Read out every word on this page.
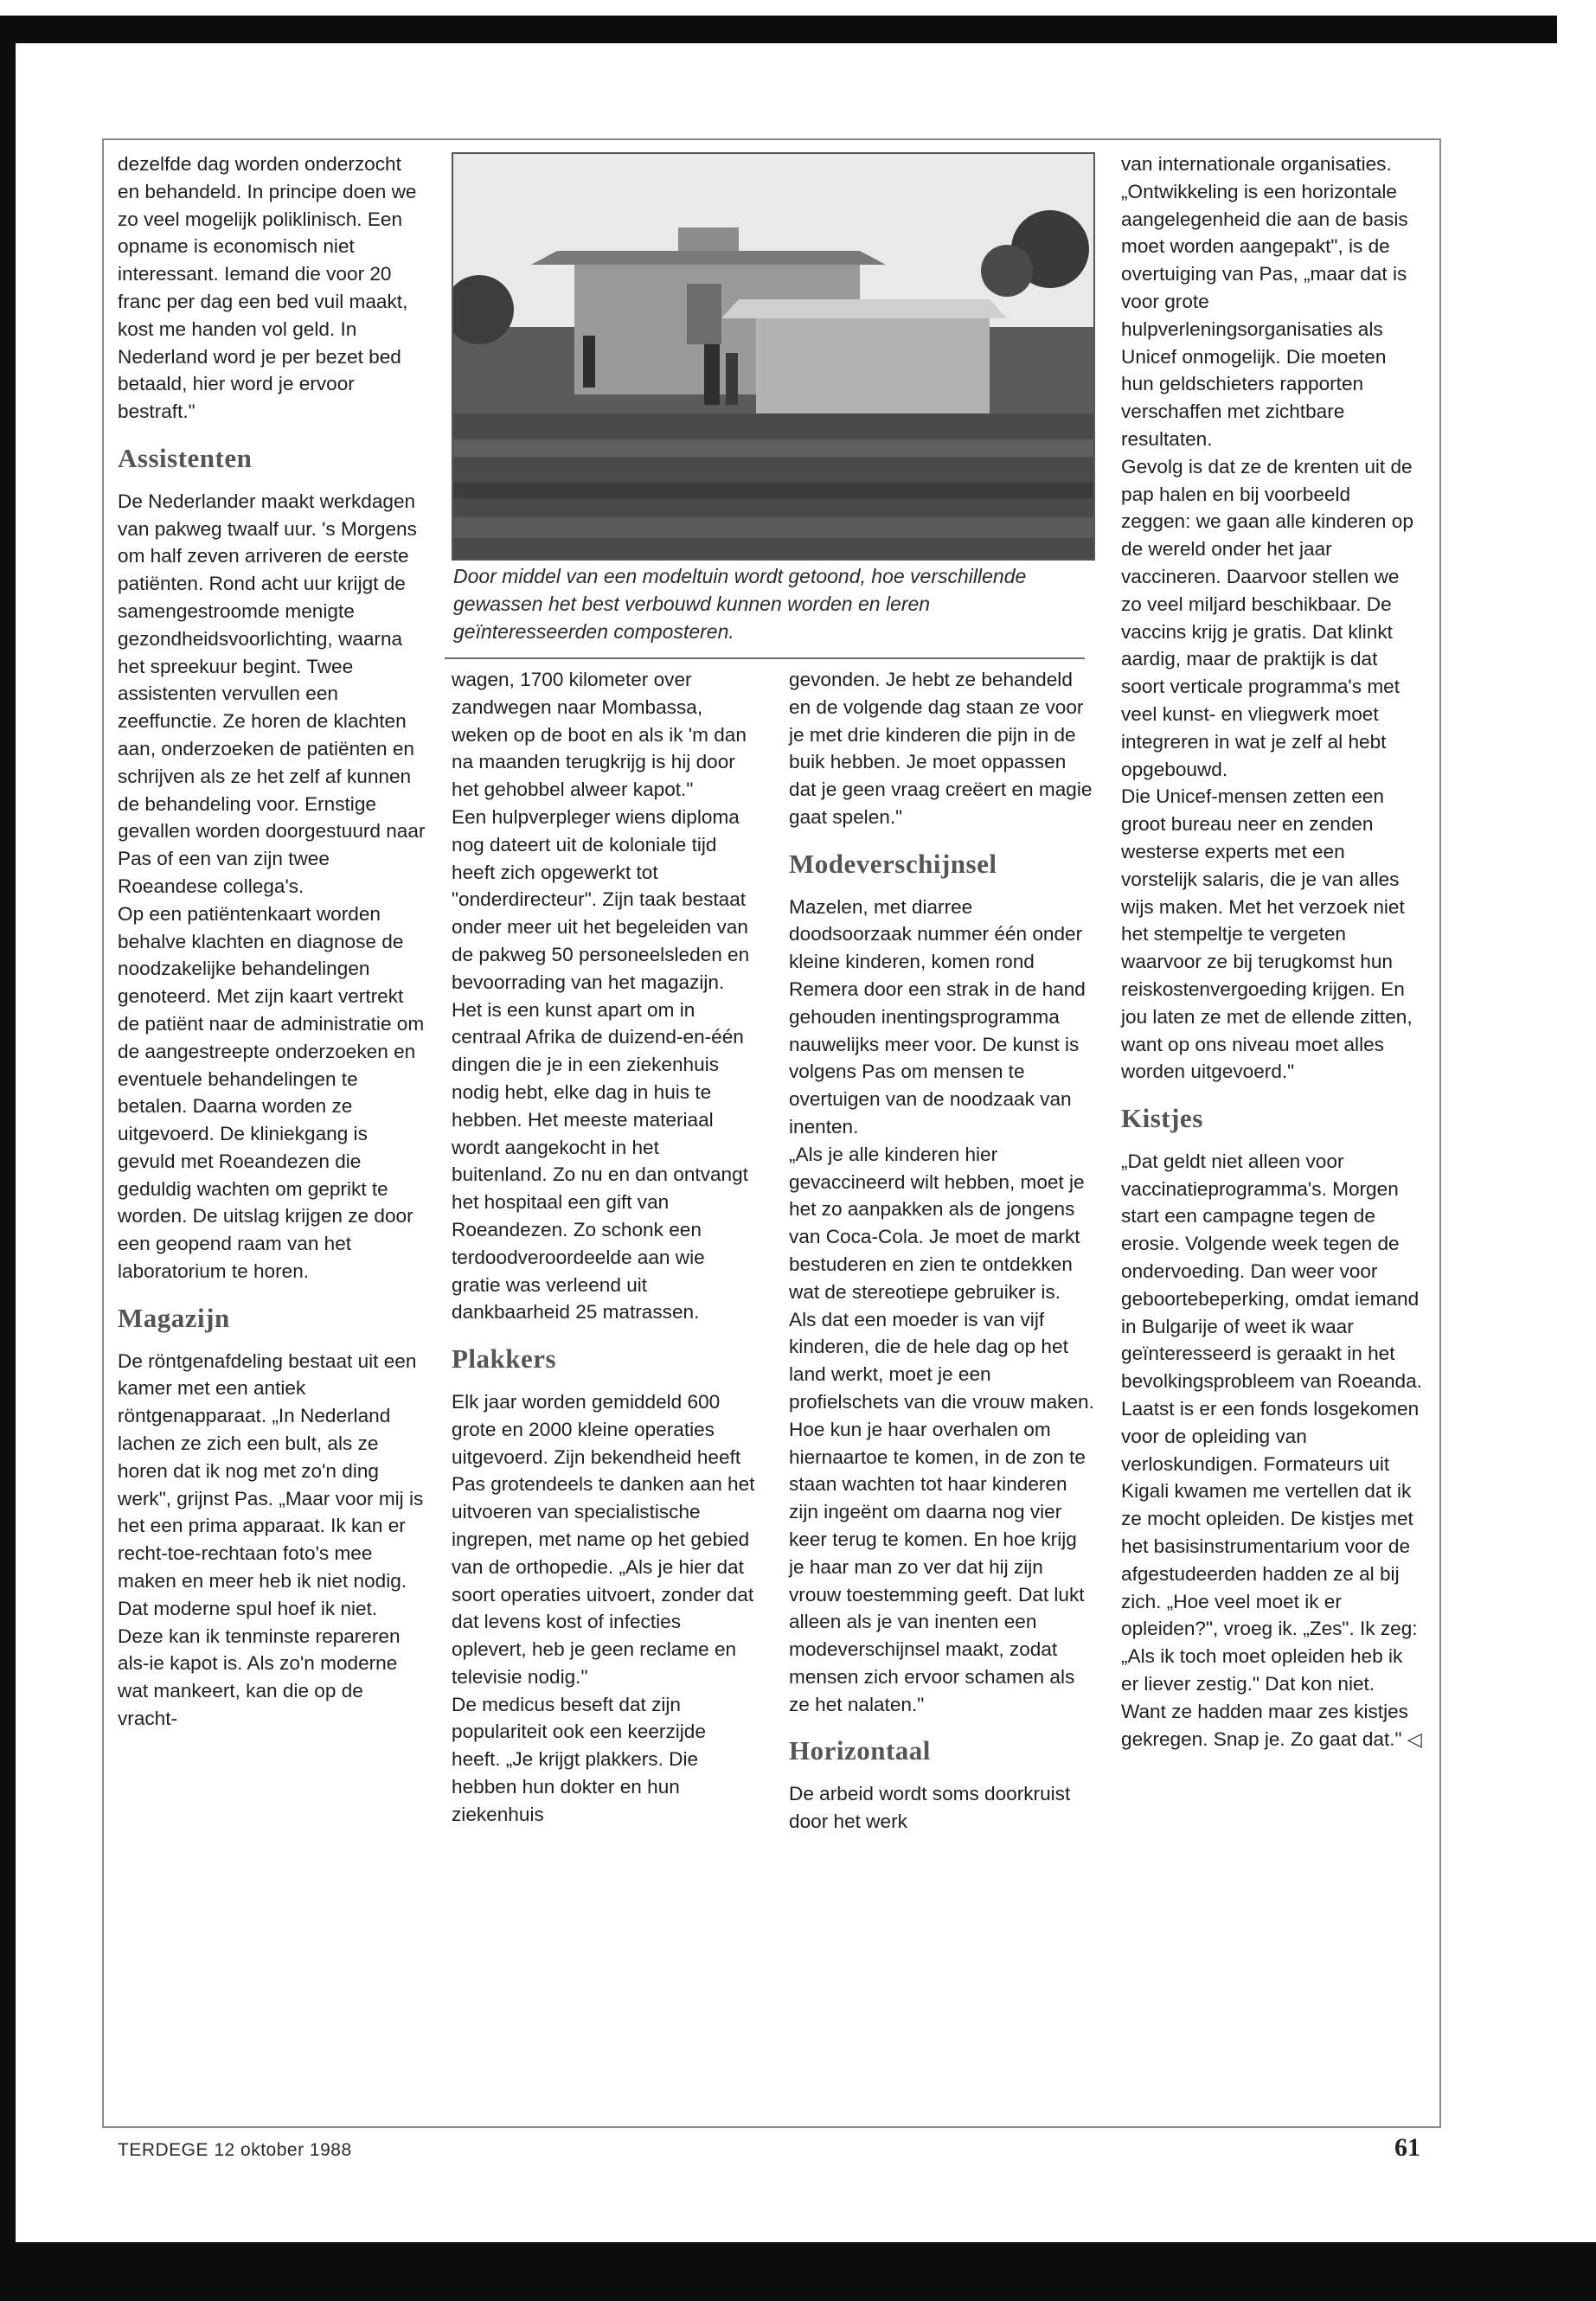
dezelfde dag worden onderzocht en behandeld. In principe doen we zo veel mogelijk poliklinisch. Een opname is economisch niet interessant. Iemand die voor 20 franc per dag een bed vuil maakt, kost me handen vol geld. In Nederland word je per bezet bed betaald, hier word je ervoor bestraft."

Assistenten

De Nederlander maakt werkdagen van pakweg twaalf uur. 's Morgens om half zeven arriveren de eerste patiënten. Rond acht uur krijgt de samengestroomde menigte gezondheidsvoorlichting, waarna het spreekuur begint. Twee assistenten vervullen een zeeffunctie. Ze horen de klachten aan, onderzoeken de patiënten en schrijven als ze het zelf af kunnen de behandeling voor. Ernstige gevallen worden doorgestuurd naar Pas of een van zijn twee Roeandese collega's.

Op een patiëntenkaart worden behalve klachten en diagnose de noodzakelijke behandelingen genoteerd. Met zijn kaart vertrekt de patiënt naar de administratie om de aangestreepte onderzoeken en eventuele behandelingen te betalen. Daarna worden ze uitgevoerd. De kliniekgang is gevuld met Roeandezen die geduldig wachten om geprikt te worden. De uitslag krijgen ze door een geopend raam van het laboratorium te horen.

Magazijn

De röntgenafdeling bestaat uit een kamer met een antiek röntgenapparaat. „In Nederland lachen ze zich een bult, als ze horen dat ik nog met zo'n ding werk", grijnst Pas. „Maar voor mij is het een prima apparaat. Ik kan er recht-toe-rechtaan foto's mee maken en meer heb ik niet nodig. Dat moderne spul hoef ik niet. Deze kan ik tenminste repareren als-ie kapot is. Als zo'n moderne wat mankeert, kan die op de vracht-

Door middel van een modeltuin wordt getoond, hoe verschillende gewassen het best verbouwd kunnen worden en leren geïnteresseerden composteren.

wagen, 1700 kilometer over zandwegen naar Mombassa, weken op de boot en als ik 'm dan na maanden terugkrijg is hij door het gehobbel alweer kapot."

Een hulpverpleger wiens diploma nog dateert uit de koloniale tijd heeft zich opgewerkt tot "onderdirecteur". Zijn taak bestaat onder meer uit het begeleiden van de pakweg 50 personeelsleden en bevoorrading van het magazijn. Het is een kunst apart om in centraal Afrika de duizend-en-één dingen die je in een ziekenhuis nodig hebt, elke dag in huis te hebben. Het meeste materiaal wordt aangekocht in het buitenland. Zo nu en dan ontvangt het hospitaal een gift van Roeandezen. Zo schonk een terdoodveroordeelde aan wie gratie was verleend uit dankbaarheid 25 matrassen.

Plakkers

Elk jaar worden gemiddeld 600 grote en 2000 kleine operaties uitgevoerd. Zijn bekendheid heeft Pas grotendeels te danken aan het uitvoeren van specialistische ingrepen, met name op het gebied van de orthopedie. „Als je hier dat soort operaties uitvoert, zonder dat dat levens kost of infecties oplevert, heb je geen reclame en televisie nodig."

De medicus beseft dat zijn populariteit ook een keerzijde heeft. „Je krijgt plakkers. Die hebben hun dokter en hun ziekenhuis

gevonden. Je hebt ze behandeld en de volgende dag staan ze voor je met drie kinderen die pijn in de buik hebben. Je moet oppassen dat je geen vraag creëert en magie gaat spelen."

Modeverschijnsel

Mazelen, met diarree doodsoorzaak nummer één onder kleine kinderen, komen rond Remera door een strak in de hand gehouden inentingsprogramma nauwelijks meer voor. De kunst is volgens Pas om mensen te overtuigen van de noodzaak van inenten.

„Als je alle kinderen hier gevaccineerd wilt hebben, moet je het zo aanpakken als de jongens van Coca-Cola. Je moet de markt bestuderen en zien te ontdekken wat de stereotiepe gebruiker is.

Als dat een moeder is van vijf kinderen, die de hele dag op het land werkt, moet je een profielschets van die vrouw maken. Hoe kun je haar overhalen om hiernaartoe te komen, in de zon te staan wachten tot haar kinderen zijn ingeënt om daarna nog vier keer terug te komen. En hoe krijg je haar man zo ver dat hij zijn vrouw toestemming geeft. Dat lukt alleen als je van inenten een modeverschijnsel maakt, zodat mensen zich ervoor schamen als ze het nalaten."

Horizontaal

De arbeid wordt soms doorkruist door het werk

van internationale organisaties. „Ontwikkeling is een horizontale aangelegenheid die aan de basis moet worden aangepakt", is de overtuiging van Pas, „maar dat is voor grote hulpverleningsorganisaties als Unicef onmogelijk. Die moeten hun geldschieters rapporten verschaffen met zichtbare resultaten.

Gevolg is dat ze de krenten uit de pap halen en bij voorbeeld zeggen: we gaan alle kinderen op de wereld onder het jaar vaccineren. Daarvoor stellen we zo veel miljard beschikbaar. De vaccins krijg je gratis. Dat klinkt aardig, maar de praktijk is dat soort verticale programma's met veel kunst- en vliegwerk moet integreren in wat je zelf al hebt opgebouwd.

Die Unicef-mensen zetten een groot bureau neer en zenden westerse experts met een vorstelijk salaris, die je van alles wijs maken. Met het verzoek niet het stempeltje te vergeten waarvoor ze bij terugkomst hun reiskostenvergoeding krijgen. En jou laten ze met de ellende zitten, want op ons niveau moet alles worden uitgevoerd."

Kistjes

„Dat geldt niet alleen voor vaccinatieprogramma's. Morgen start een campagne tegen de erosie. Volgende week tegen de ondervoeding. Dan weer voor geboortebeperking, omdat iemand in Bulgarije of weet ik waar geïnteresseerd is geraakt in het bevolkingsprobleem van Roeanda.

Laatst is er een fonds losgekomen voor de opleiding van verloskundigen. Formateurs uit Kigali kwamen me vertellen dat ik ze mocht opleiden. De kistjes met het basisinstrumentarium voor de afgestudeerden hadden ze al bij zich. „Hoe veel moet ik er opleiden?", vroeg ik. „Zes". Ik zeg: „Als ik toch moet opleiden heb ik er liever zestig." Dat kon niet. Want ze hadden maar zes kistjes gekregen. Snap je. Zo gaat dat." ◁

TERDEGE 12 oktober 1988	61
